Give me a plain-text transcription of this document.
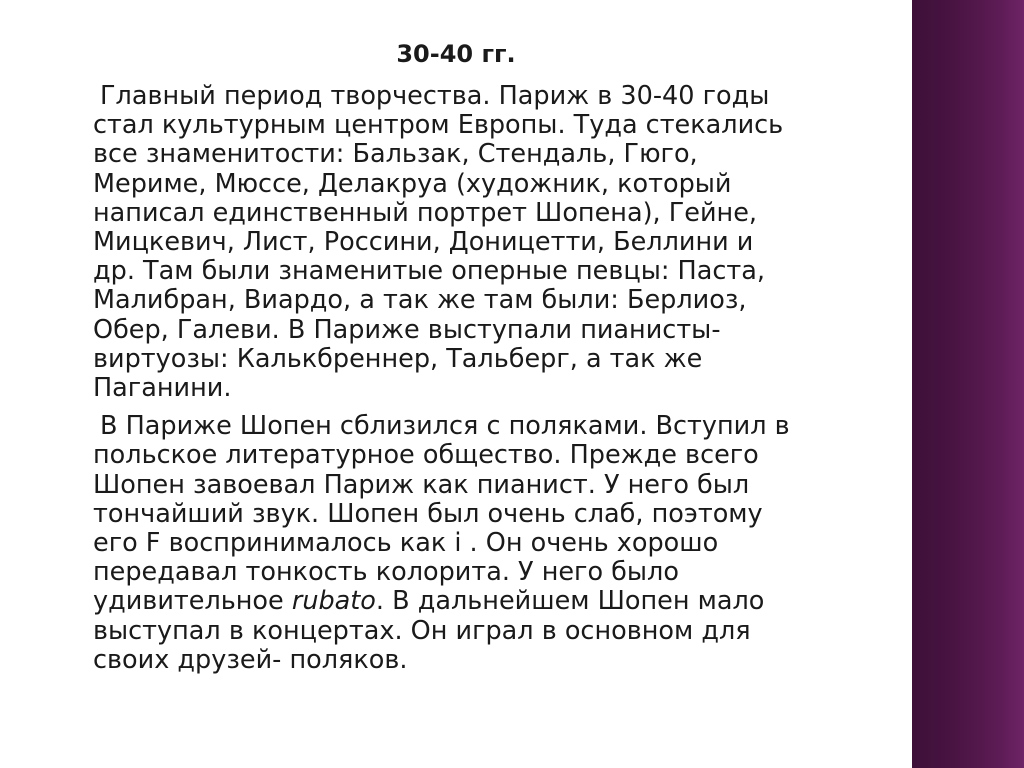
30-40 гг.

Главный период творчества. Париж в 30-40 годы
стал культурным центром Европы. Туда стекались
все знаменитости: Бальзак, Стендаль, Гюго,
Мериме, Мюссе, Делакруа (художник, который
написал единственный портрет Шопена), Гейне,
Мицкевич, Лист, Россини, Доницетти, Беллини и
др. Там были знаменитые оперные певцы: Паста,
Малибран, Виардо, а так же там были: Берлиоз,
Обер, Галеви. В Париже выступали пианисты-
виртуозы: Калькбреннер, Тальберг, а так же
Паганини.

В Париже Шопен сблизился с поляками. Вступил в
польское литературное общество. Прежде всего
Шопен завоевал Париж как пианист. У него был
тончайший звук. Шопен был очень слаб, поэтому
его F воспринималось как i . Он очень хорошо
передавал тонкость колорита. У него было
удивительное rubato. В дальнейшем Шопен мало
выступал в концертах. Он играл в основном для
своих друзей- поляков.
